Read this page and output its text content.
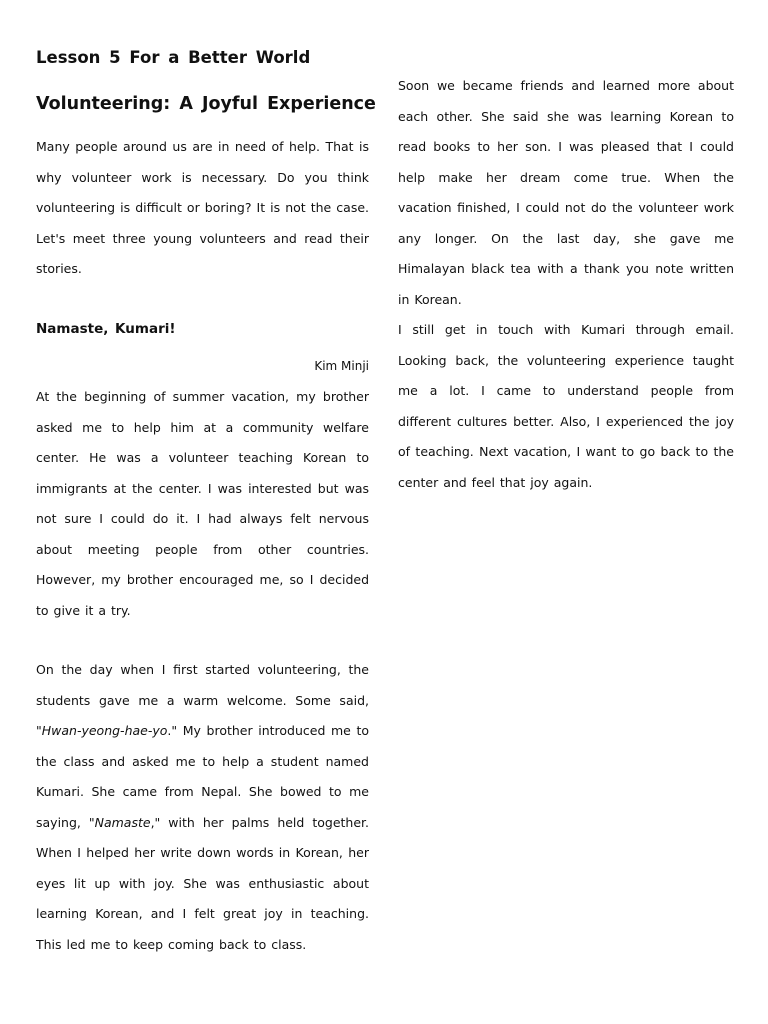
Lesson 5 For a Better World
Volunteering: A Joyful Experience

Many people around us are in need of help. That is why volunteer work is necessary. Do you think volunteering is difficult or boring? It is not the case. Let's meet three young volunteers and read their stories.

Namaste, Kumari!
Kim Minji

At the beginning of summer vacation, my brother asked me to help him at a community welfare center. He was a volunteer teaching Korean to immigrants at the center. I was interested but was not sure I could do it. I had always felt nervous about meeting people from other countries. However, my brother encouraged me, so I decided to give it a try.

On the day when I first started volunteering, the students gave me a warm welcome. Some said, "Hwan-yeong-hae-yo." My brother introduced me to the class and asked me to help a student named Kumari. She came from Nepal. She bowed to me saying, "Namaste," with her palms held together. When I helped her write down words in Korean, her eyes lit up with joy. She was enthusiastic about learning Korean, and I felt great joy in teaching. This led me to keep coming back to class.

Soon we became friends and learned more about each other. She said she was learning Korean to read books to her son. I was pleased that I could help make her dream come true. When the vacation finished, I could not do the volunteer work any longer. On the last day, she gave me Himalayan black tea with a thank you note written in Korean.

I still get in touch with Kumari through email. Looking back, the volunteering experience taught me a lot. I came to understand people from different cultures better. Also, I experienced the joy of teaching. Next vacation, I want to go back to the center and feel that joy again.
